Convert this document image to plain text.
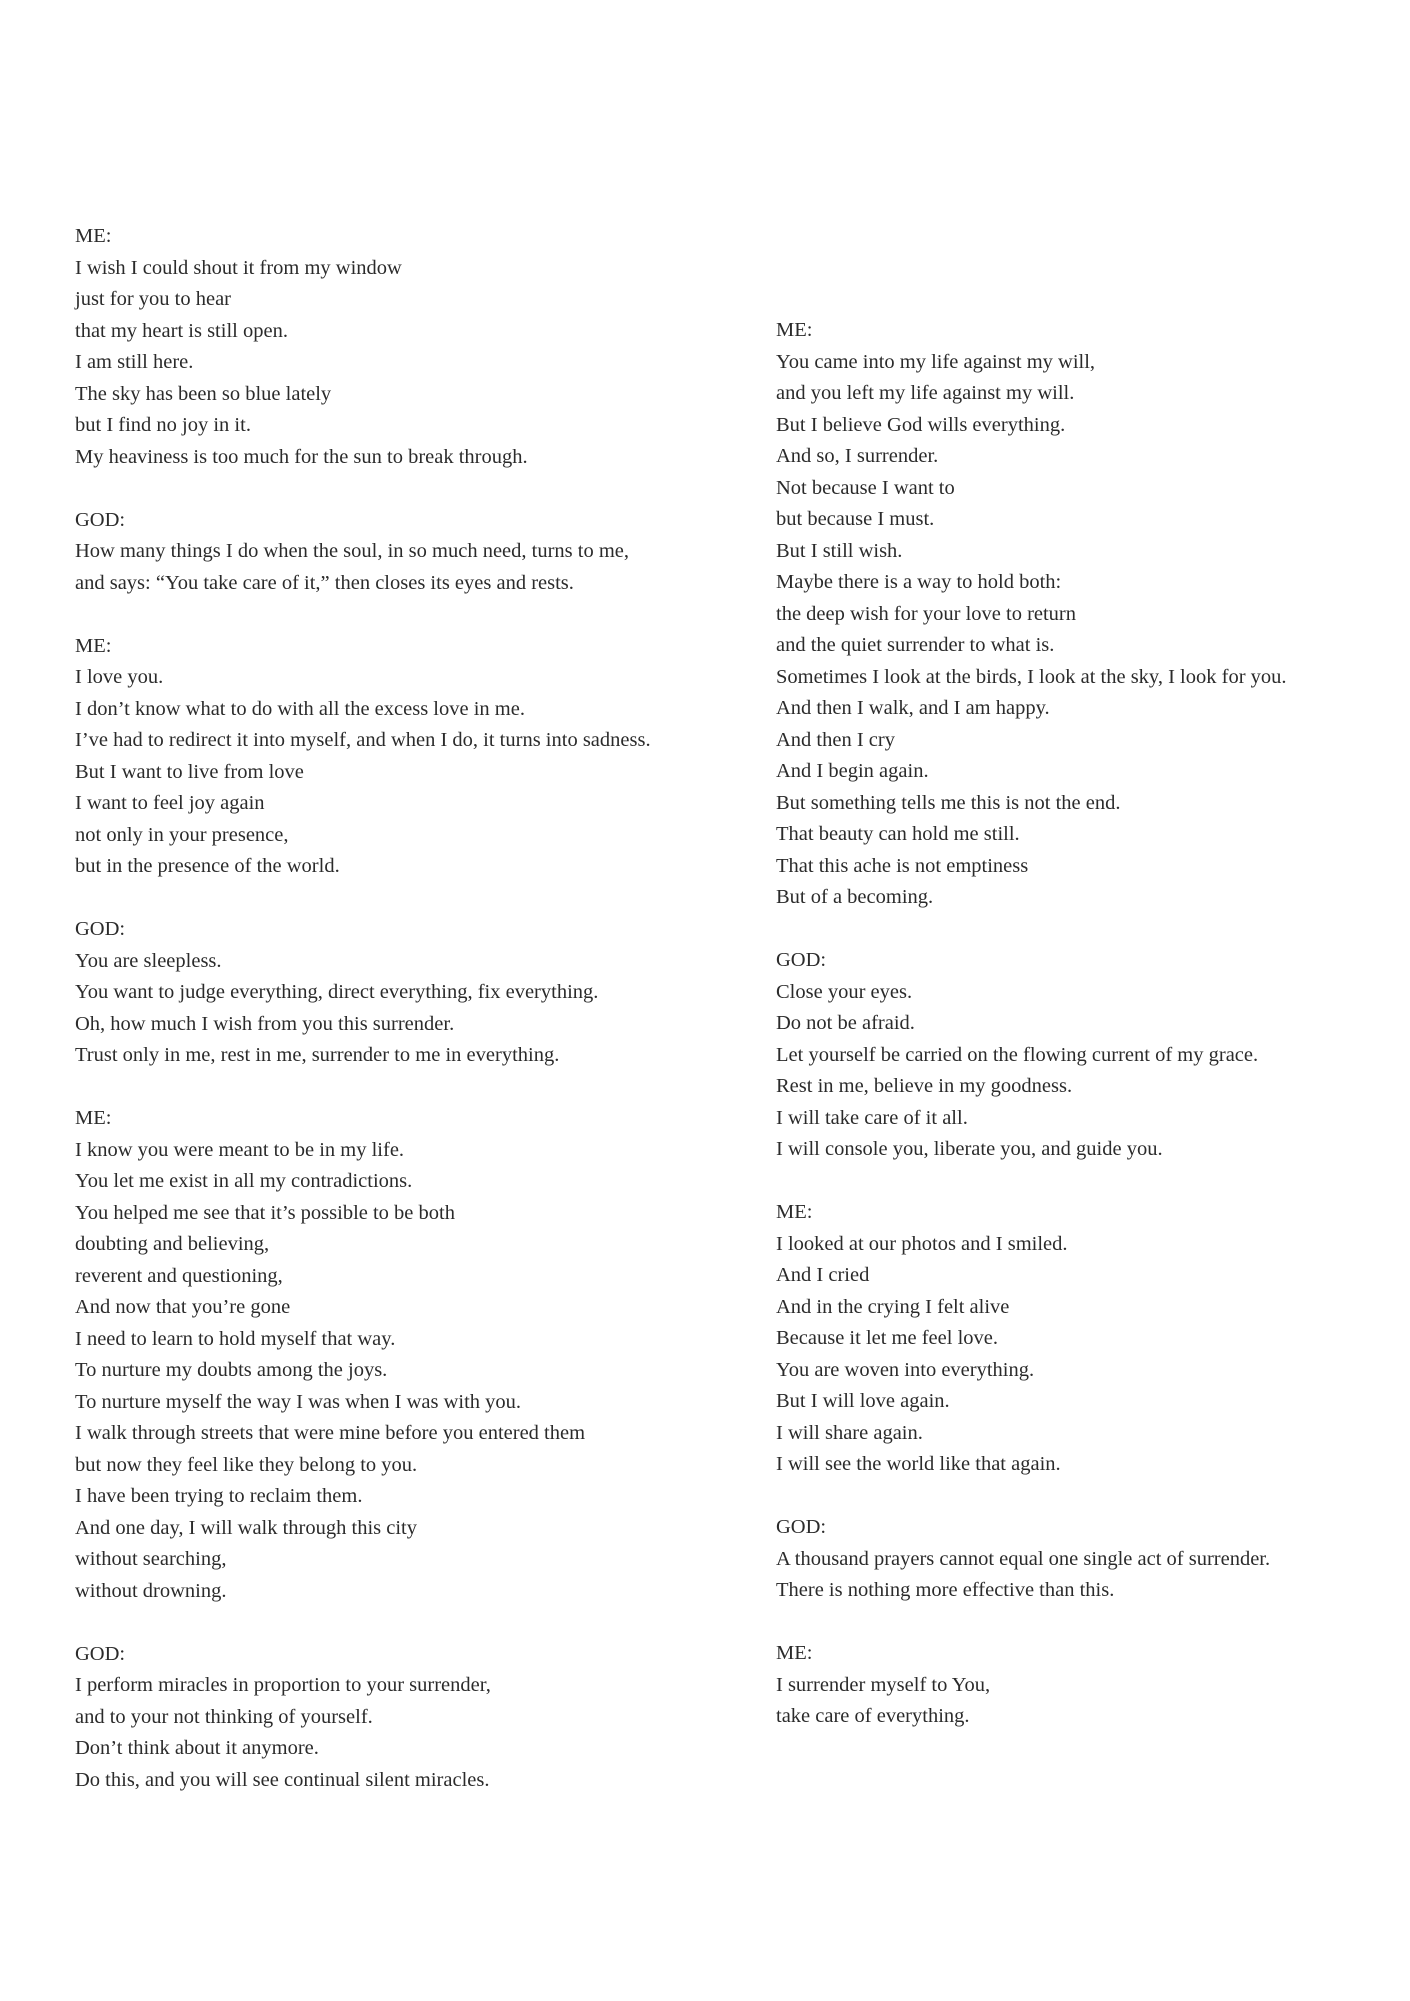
ME:
I wish I could shout it from my window
just for you to hear
that my heart is still open.
I am still here.
The sky has been so blue lately
but I find no joy in it.
My heaviness is too much for the sun to break through.
GOD:
How many things I do when the soul, in so much need, turns to me,
and says: “You take care of it,” then closes its eyes and rests.
ME:
I love you.
I don’t know what to do with all the excess love in me.
I’ve had to redirect it into myself, and when I do, it turns into sadness.
But I want to live from love
I want to feel joy again
not only in your presence,
but in the presence of the world.
GOD:
You are sleepless.
You want to judge everything, direct everything, fix everything.
Oh, how much I wish from you this surrender.
Trust only in me, rest in me, surrender to me in everything.
ME:
I know you were meant to be in my life.
You let me exist in all my contradictions.
You helped me see that it’s possible to be both
doubting and believing,
reverent and questioning,
And now that you’re gone
I need to learn to hold myself that way.
To nurture my doubts among the joys.
To nurture myself the way I was when I was with you.
I walk through streets that were mine before you entered them
but now they feel like they belong to you.
I have been trying to reclaim them.
And one day, I will walk through this city
without searching,
without drowning.
GOD:
I perform miracles in proportion to your surrender,
and to your not thinking of yourself.
Don’t think about it anymore.
Do this, and you will see continual silent miracles.
ME:
You came into my life against my will,
and you left my life against my will.
But I believe God wills everything.
And so, I surrender.
Not because I want to
but because I must.
But I still wish.
Maybe there is a way to hold both:
the deep wish for your love to return
and the quiet surrender to what is.
Sometimes I look at the birds, I look at the sky, I look for you.
And then I walk, and I am happy.
And then I cry
And I begin again.
But something tells me this is not the end.
That beauty can hold me still.
That this ache is not emptiness
But of a becoming.
GOD:
Close your eyes.
Do not be afraid.
Let yourself be carried on the flowing current of my grace.
Rest in me, believe in my goodness.
I will take care of it all.
I will console you, liberate you, and guide you.
ME:
I looked at our photos and I smiled.
And I cried
And in the crying I felt alive
Because it let me feel love.
You are woven into everything.
But I will love again.
I will share again.
I will see the world like that again.
GOD:
A thousand prayers cannot equal one single act of surrender.
There is nothing more effective than this.
ME:
I surrender myself to You,
take care of everything.
